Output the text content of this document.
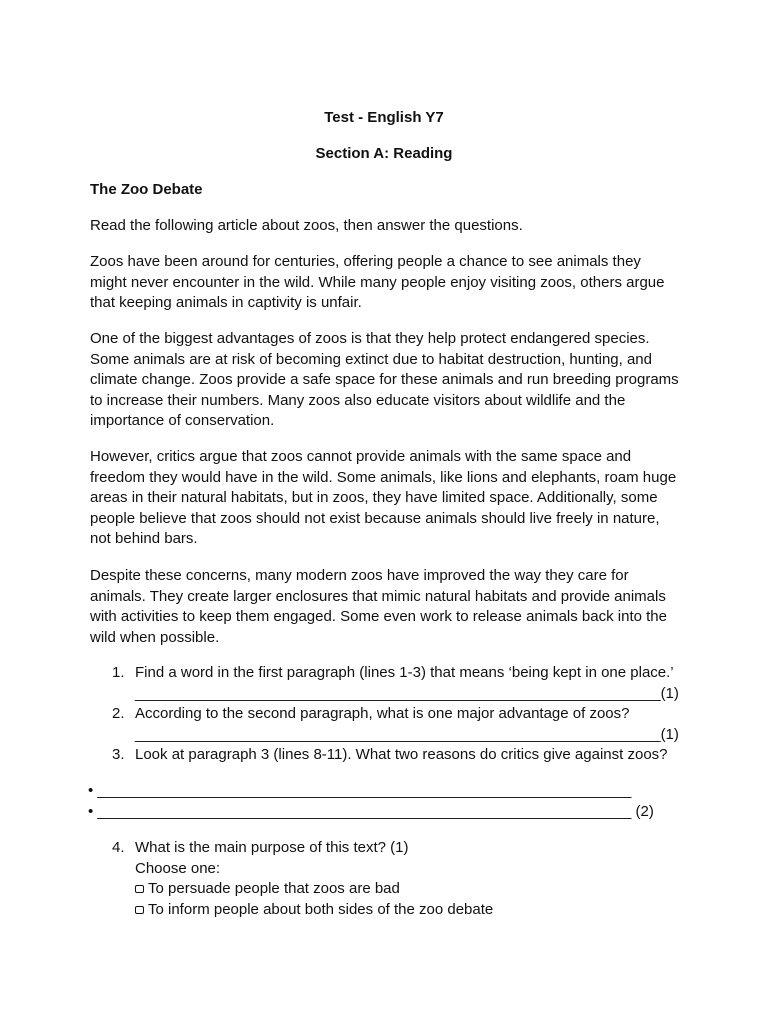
Test - English Y7
Section A: Reading
The Zoo Debate
Read the following article about zoos, then answer the questions.
Zoos have been around for centuries, offering people a chance to see animals they might never encounter in the wild. While many people enjoy visiting zoos, others argue that keeping animals in captivity is unfair.
One of the biggest advantages of zoos is that they help protect endangered species. Some animals are at risk of becoming extinct due to habitat destruction, hunting, and climate change. Zoos provide a safe space for these animals and run breeding programs to increase their numbers. Many zoos also educate visitors about wildlife and the importance of conservation.
However, critics argue that zoos cannot provide animals with the same space and freedom they would have in the wild. Some animals, like lions and elephants, roam huge areas in their natural habitats, but in zoos, they have limited space. Additionally, some people believe that zoos should not exist because animals should live freely in nature, not behind bars.
Despite these concerns, many modern zoos have improved the way they care for animals. They create larger enclosures that mimic natural habitats and provide animals with activities to keep them engaged. Some even work to release animals back into the wild when possible.
1. Find a word in the first paragraph (lines 1-3) that means ‘being kept in one place.’
_______________________________________________________________(1)
2. According to the second paragraph, what is one major advantage of zoos?
_______________________________________________________________(1)
3. Look at paragraph 3 (lines 8-11). What two reasons do critics give against zoos?
• ________________________________________________________________
• ________________________________________________________________ (2)
4. What is the main purpose of this text? (1)
Choose one:
To persuade people that zoos are bad
To inform people about both sides of the zoo debate
